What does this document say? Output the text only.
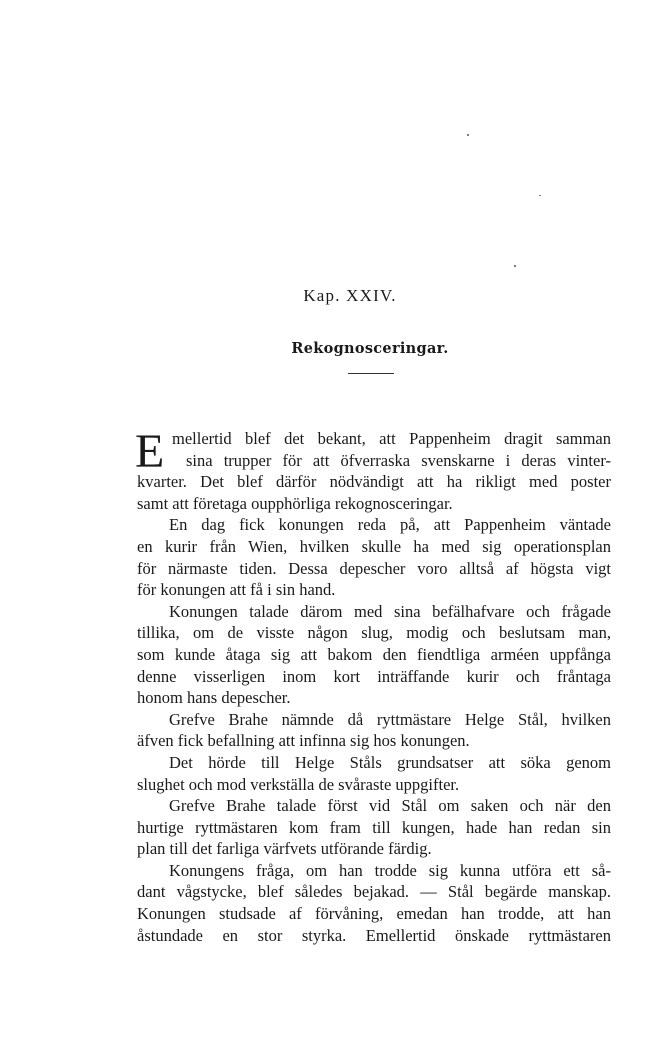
Kap. XXIV.
Rekognosceringar.
E mellertid blef det bekant, att Pappenheim dragit samman
sina trupper för att öfverraska svenskarne i deras vinter-
kvarter. Det blef därför nödvändigt att ha rikligt med poster
samt att företaga oupphörliga rekognosceringar.
En dag fick konungen reda på, att Pappenheim väntade
en kurir från Wien, hvilken skulle ha med sig operationsplan
för närmaste tiden. Dessa depescher voro alltså af högsta vigt
för konungen att få i sin hand.
Konungen talade därom med sina befälhafvare och frågade
tillika, om de visste någon slug, modig och beslutsam man,
som kunde åtaga sig att bakom den fiendtliga arméen uppfånga
denne visserligen inom kort inträffande kurir och fråntaga
honom hans depescher.
Grefve Brahe nämnde då ryttmästare Helge Stål, hvilken
äfven fick befallning att infinna sig hos konungen.
Det hörde till Helge Ståls grundsatser att söka genom
slughet och mod verkställa de svåraste uppgifter.
Grefve Brahe talade först vid Stål om saken och när den
hurtige ryttmästaren kom fram till kungen, hade han redan sin
plan till det farliga värfvets utförande färdig.
Konungens fråga, om han trodde sig kunna utföra ett så-
dant vågstycke, blef således bejakad. — Stål begärde manskap.
Konungen studsade af förvåning, emedan han trodde, att han
åstundade en stor styrka. Emellertid önskade ryttmästaren
